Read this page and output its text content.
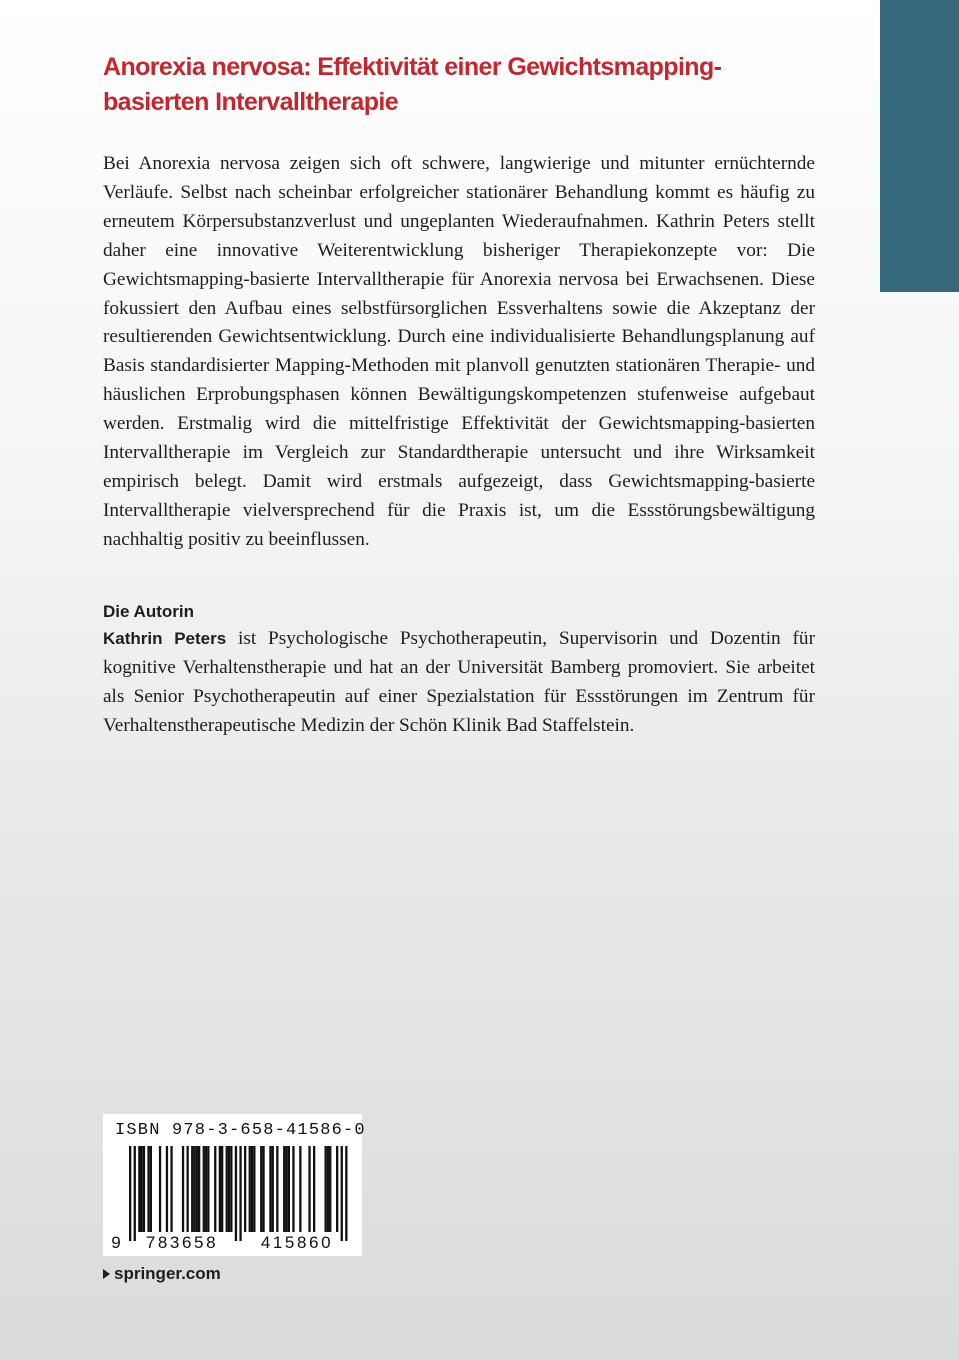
Anorexia nervosa: Effektivität einer Gewichtsmapping-basierten Intervalltherapie

Bei Anorexia nervosa zeigen sich oft schwere, langwierige und mitunter ernüchternde Verläufe. Selbst nach scheinbar erfolgreicher stationärer Behandlung kommt es häufig zu erneutem Körpersubstanzverlust und ungeplanten Wiederaufnahmen. Kathrin Peters stellt daher eine innovative Weiterentwicklung bisheriger Therapiekonzepte vor: Die Gewichtsmapping-basierte Intervalltherapie für Anorexia nervosa bei Erwachsenen. Diese fokussiert den Aufbau eines selbstfürsorglichen Essverhaltens sowie die Akzeptanz der resultierenden Gewichtsentwicklung. Durch eine individualisierte Behandlungsplanung auf Basis standardisierter Mapping-Methoden mit planvoll genutzten stationären Therapie- und häuslichen Erprobungsphasen können Bewältigungskompetenzen stufenweise aufgebaut werden. Erstmalig wird die mittelfristige Effektivität der Gewichtsmapping-basierten Intervalltherapie im Vergleich zur Standardtherapie untersucht und ihre Wirksamkeit empirisch belegt. Damit wird erstmals aufgezeigt, dass Gewichtsmapping-basierte Intervalltherapie vielversprechend für die Praxis ist, um die Essstörungsbewältigung nachhaltig positiv zu beeinflussen.

Die Autorin

Kathrin Peters ist Psychologische Psychotherapeutin, Supervisorin und Dozentin für kognitive Verhaltenstherapie und hat an der Universität Bamberg promoviert. Sie arbeitet als Senior Psychotherapeutin auf einer Spezialstation für Essstörungen im Zentrum für Verhaltenstherapeutische Medizin der Schön Klinik Bad Staffelstein.

ISBN 978-3-658-41586-0
9 783658	415860
springer.com
